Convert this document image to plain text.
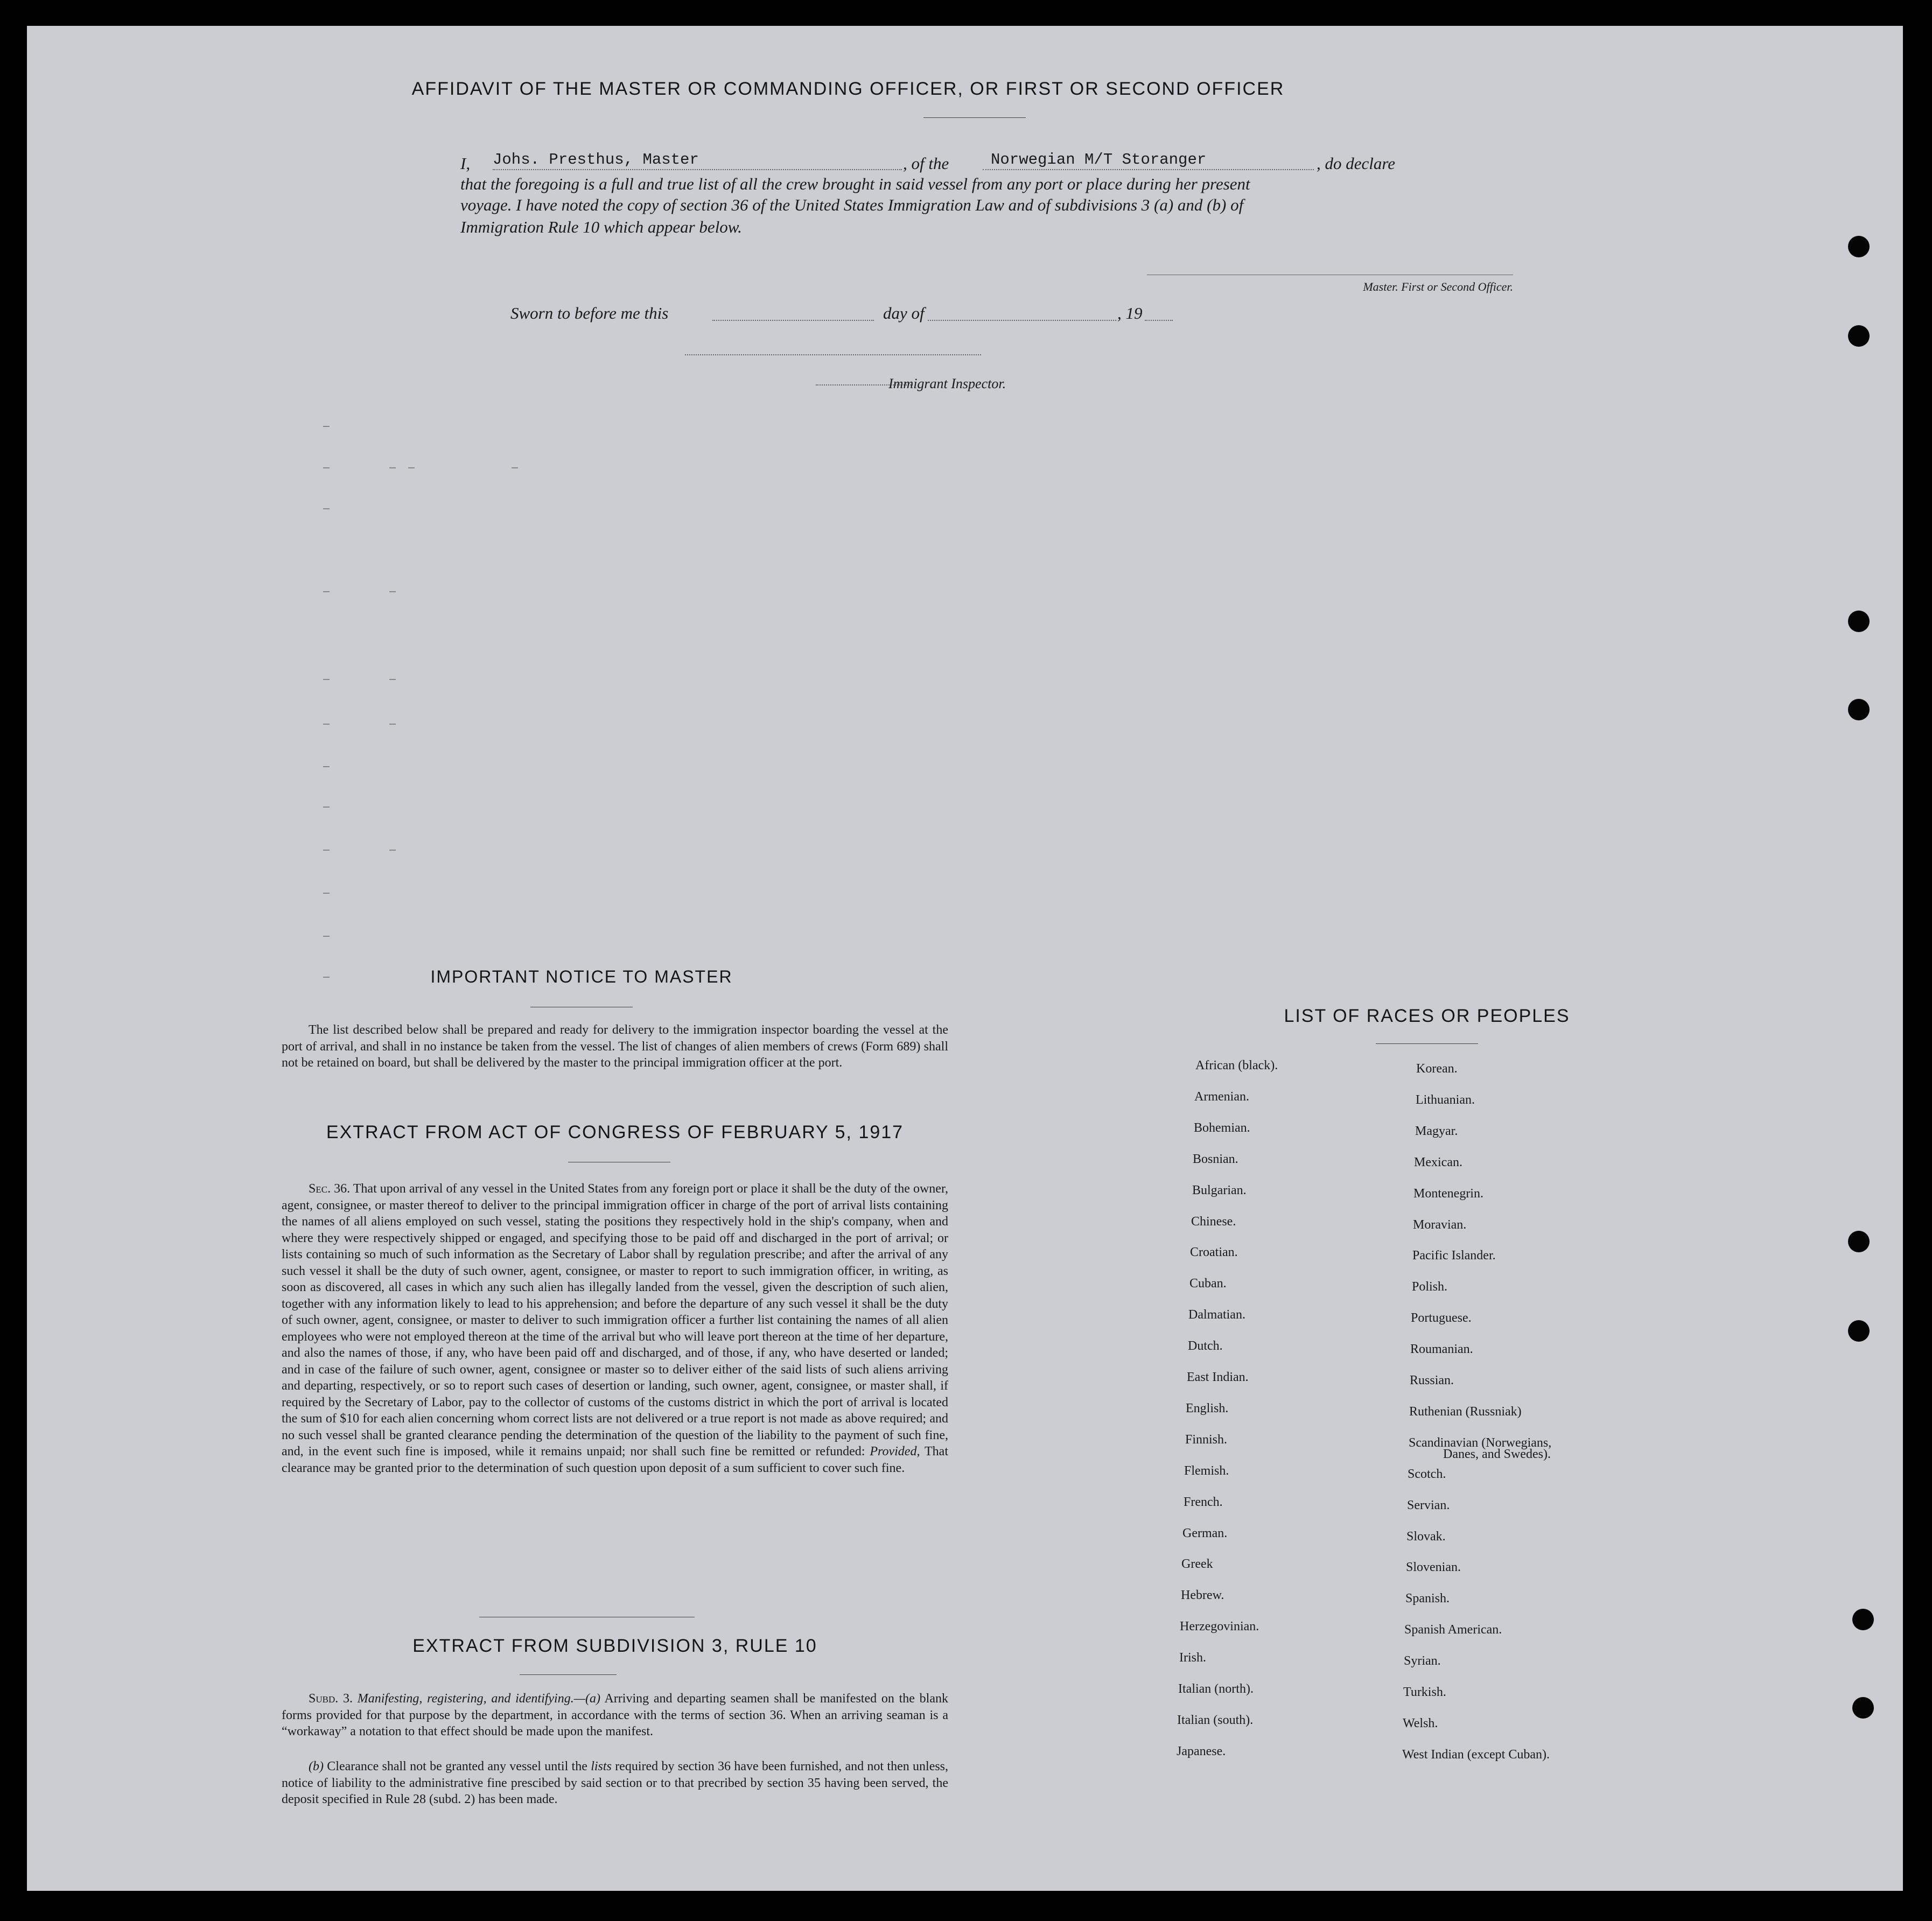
AFFIDAVIT OF THE MASTER OR COMMANDING OFFICER, OR FIRST OR SECOND OFFICER
I, Johs. Presthus, Master	, of the	Norwegian M/T Storanger	, do declare
that the foregoing is a full and true list of all the crew brought in said vessel from any port or place during her present
voyage. I have noted the copy of section 36 of the United States Immigration Law and of subdivisions 3 (a) and (b) of
Immigration Rule 10 which appear below.
Master. First or Second Officer.
Sworn to before me this	day of	, 19
Immigrant Inspector.
IMPORTANT NOTICE TO MASTER
The list described below shall be prepared and ready for delivery to the immigration inspector boarding the vessel at the port of arrival, and shall in no instance be taken from the vessel. The list of changes of alien members of crews (Form 689) shall not be retained on board, but shall be delivered by the master to the principal immigration officer at the port.
EXTRACT FROM ACT OF CONGRESS OF FEBRUARY 5, 1917
Sec. 36. That upon arrival of any vessel in the United States from any foreign port or place it shall be the duty of the owner, agent, consignee, or master thereof to deliver to the principal immigration officer in charge of the port of arrival lists containing the names of all aliens employed on such vessel, stating the positions they respectively hold in the ship's company, when and where they were respectively shipped or engaged, and specifying those to be paid off and discharged in the port of arrival; or lists containing so much of such information as the Secretary of Labor shall by regulation prescribe; and after the arrival of any such vessel it shall be the duty of such owner, agent, consignee, or master to report to such immigration officer, in writing, as soon as discovered, all cases in which any such alien has illegally landed from the vessel, given the description of such alien, together with any information likely to lead to his apprehension; and before the departure of any such vessel it shall be the duty of such owner, agent, consignee, or master to deliver to such immigration officer a further list containing the names of all alien employees who were not employed thereon at the time of the arrival but who will leave port thereon at the time of her departure, and also the names of those, if any, who have been paid off and discharged, and of those, if any, who have deserted or landed; and in case of the failure of such owner, agent, consignee or master so to deliver either of the said lists of such aliens arriving and departing, respectively, or so to report such cases of desertion or landing, such owner, agent, consignee, or master shall, if required by the Secretary of Labor, pay to the collector of customs of the customs district in which the port of arrival is located the sum of $10 for each alien concerning whom correct lists are not delivered or a true report is not made as above required; and no such vessel shall be granted clearance pending the determination of the question of the liability to the payment of such fine, and, in the event such fine is imposed, while it remains unpaid; nor shall such fine be remitted or refunded: Provided, That clearance may be granted prior to the determination of such question upon deposit of a sum sufficient to cover such fine.
EXTRACT FROM SUBDIVISION 3, RULE 10
Subd. 3. Manifesting, registering, and identifying.—(a) Arriving and departing seamen shall be manifested on the blank forms provided for that purpose by the department, in accordance with the terms of section 36. When an arriving seaman is a “workaway” a notation to that effect should be made upon the manifest.
(b) Clearance shall not be granted any vessel until the lists required by section 36 have been furnished, and not then unless, notice of liability to the administrative fine prescibed by said section or to that precribed by section 35 having been served, the deposit specified in Rule 28 (subd. 2) has been made.
LIST OF RACES OR PEOPLES
Danes, and Swedes).
African (black).
Armenian.
Bohemian.
Bosnian.
Bulgarian.
Chinese.
Croatian.
Cuban.
Dalmatian.
Dutch.
East Indian.
English.
Finnish.
Flemish.
French.
German.
Greek
Hebrew.
Herzegovinian.
Irish.
Italian (north).
Italian (south).
Japanese.
Korean.
Lithuanian.
Magyar.
Mexican.
Montenegrin.
Moravian.
Pacific Islander.
Polish.
Portuguese.
Roumanian.
Russian.
Ruthenian (Russniak)
Scandinavian (Norwegians,
Scotch.
Servian.
Slovak.
Slovenian.
Spanish.
Spanish American.
Syrian.
Turkish.
Welsh.
West Indian (except Cuban).
